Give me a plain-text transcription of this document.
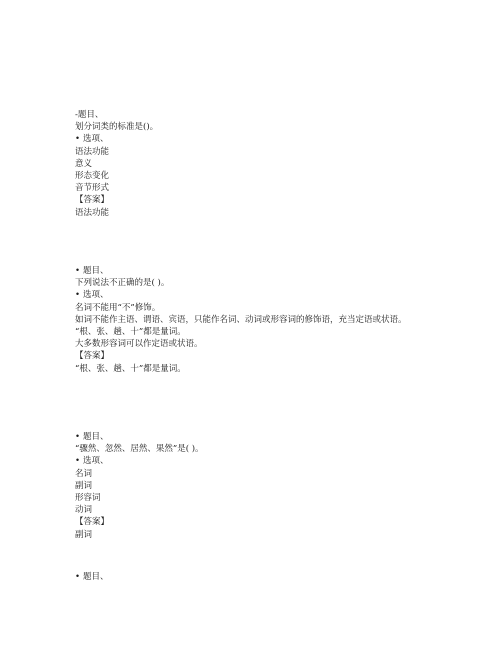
-题目、
划分词类的标准是()。
• 选项、
语法功能
意义
形态变化
音节形式
【答案】
语法功能
• 题目、
下列说法不正确的是( )。
• 选项、
名词不能用“不”修饰。
如词不能作主语、谓语、宾语，只能作名词、动词或形容词的修饰语，充当定语或状语。
“根、张、趟、十”都是量词。
大多数形容词可以作定语或状语。
【答案】
“根、张、趟、十”都是量词。
• 题目、
“骤然、忽然、居然、果然”是( )。
• 选项、
名词
副词
形容词
动词
【答案】
副词
• 题目、
